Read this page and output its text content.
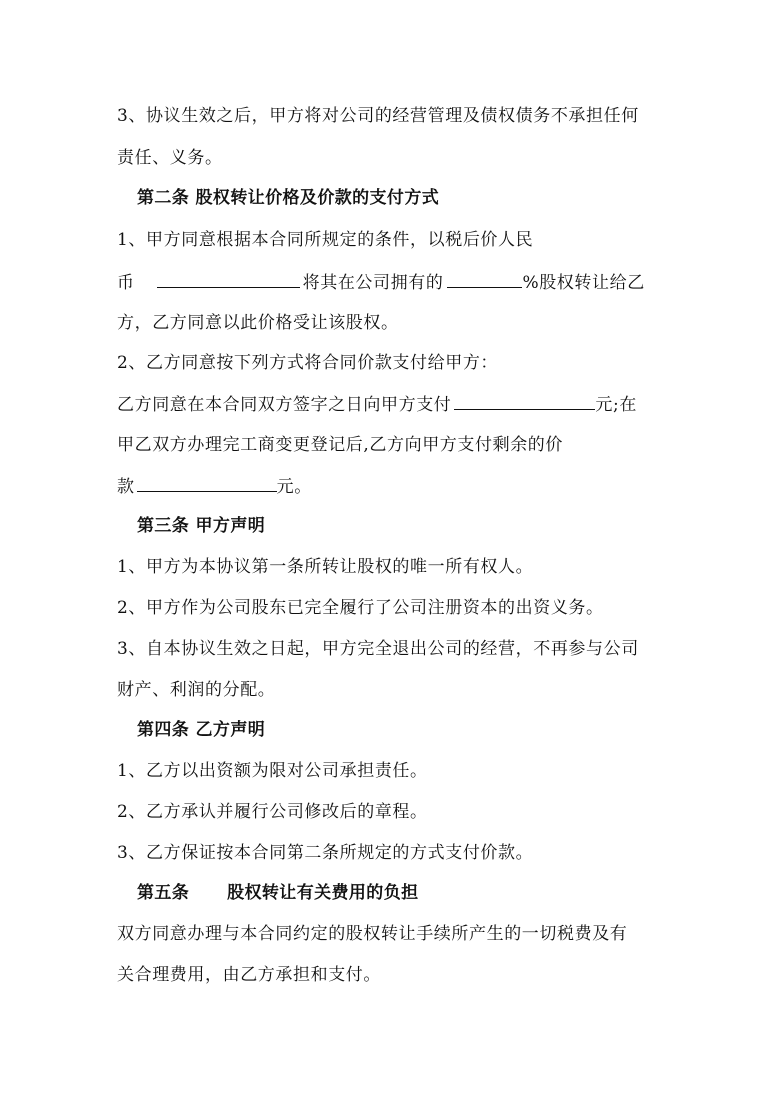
3、协议生效之后，甲方将对公司的经营管理及债权债务不承担任何
责任、义务。
第二条 股权转让价格及价款的支付方式
1、甲方同意根据本合同所规定的条件，以税后价人民
币	将其在公司拥有的	%股权转让给乙
方，乙方同意以此价格受让该股权。
2、乙方同意按下列方式将合同价款支付给甲方：
乙方同意在本合同双方签字之日向甲方支付	元;在
甲乙双方办理完工商变更登记后,乙方向甲方支付剩余的价
款	元。
第三条 甲方声明
1、甲方为本协议第一条所转让股权的唯一所有权人。
2、甲方作为公司股东已完全履行了公司注册资本的出资义务。
3、自本协议生效之日起，甲方完全退出公司的经营，不再参与公司
财产、利润的分配。
第四条 乙方声明
1、乙方以出资额为限对公司承担责任。
2、乙方承认并履行公司修改后的章程。
3、乙方保证按本合同第二条所规定的方式支付价款。
第五条      股权转让有关费用的负担
双方同意办理与本合同约定的股权转让手续所产生的一切税费及有
关合理费用，由乙方承担和支付。
